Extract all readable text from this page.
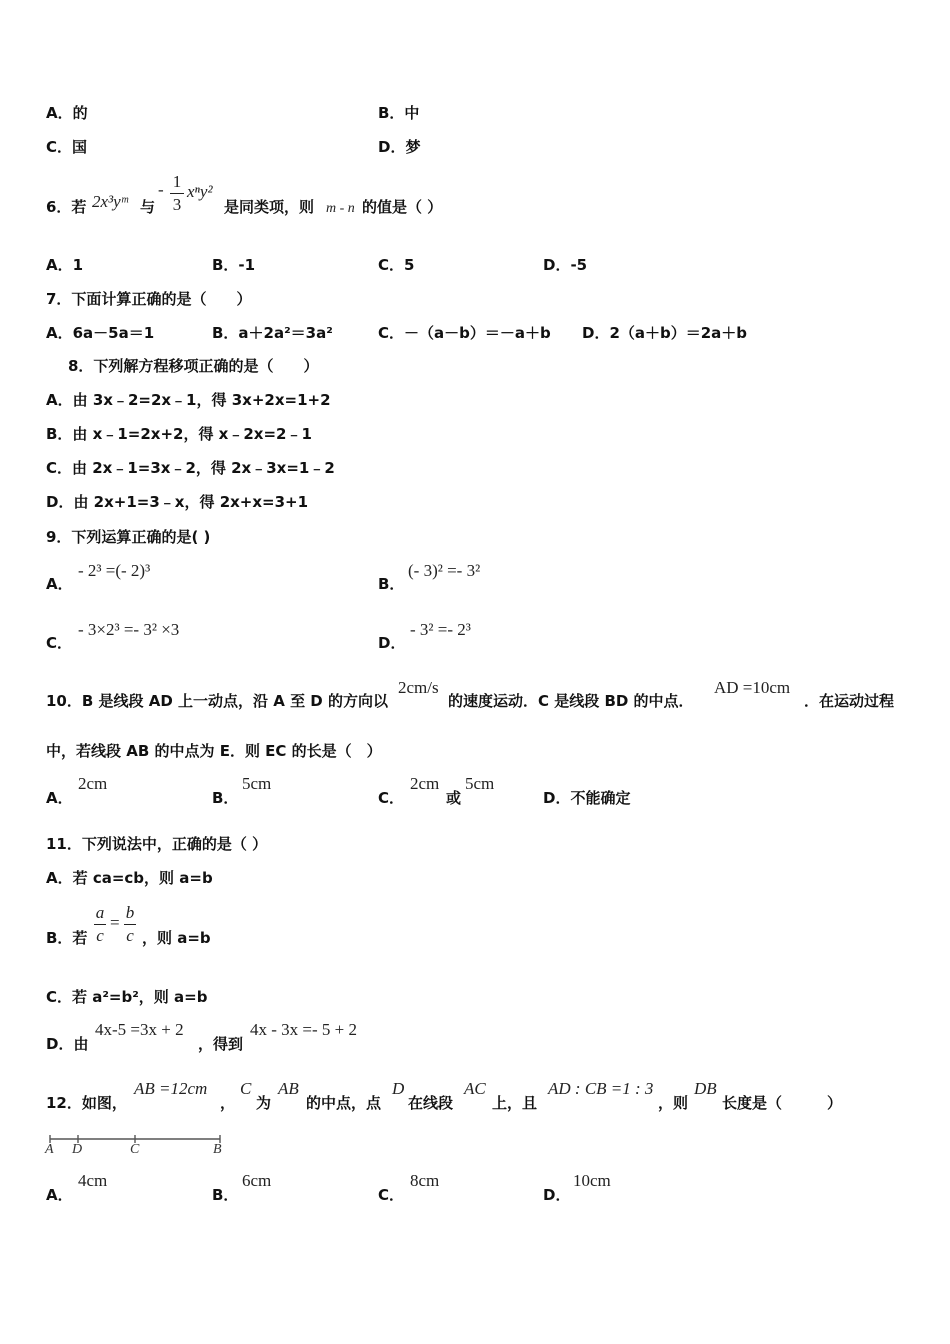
A．的	B．中
C．国	D．梦
6．若 2x³yᵐ 与
- 1
3
xⁿy²
是同类项，则 m - n 的值是（ ）
A．1	B．-1	C．5	D．-5
7．下面计算正确的是（　　）
A．6a－5a＝1	B．a＋2a²＝3a²	C．－（a－b）＝－a＋b D．2（a＋b）＝2a＋b
8．下列解方程移项正确的是（　　）
A．由 3x﹣2=2x﹣1，得 3x+2x=1+2
B．由 x﹣1=2x+2，得 x﹣2x=2﹣1
C．由 2x﹣1=3x﹣2，得 2x﹣3x=1﹣2
D．由 2x+1=3﹣x，得 2x+x=3+1
9．下列运算正确的是( )
A．
- 2³ =(- 2)³
B．
(- 3)² =- 3²
C．
- 3×2³ =- 3² ×3
D．
- 3² =- 2³
10．B 是线段 AD 上一动点，沿 A 至 D 的方向以
2cm/s
的速度运动．C 是线段 BD 的中点．
AD =10cm
．在运动过程
中，若线段 AB 的中点为 E．则 EC 的长是（　）
A．
2cm
B．
5cm
C．
2cm
或
5cm
D．不能确定
11．下列说法中，正确的是（ ）
A．若 ca=cb，则 a=b
B．若
a
c
=
b
c ，则 a=b
C．若 a²=b²，则 a=b
D．由
4x-5 =3x + 2
，得到
4x - 3x =- 5 + 2
12．如图，
AB =12cm
，
C
为
AB
的中点，点
D
在线段
AC
上，且
AD : CB =1 : 3
，则
DB
长度是（　　　）
A D	C	B
A．
4cm
B．
6cm
C．
8cm
D．
10cm
